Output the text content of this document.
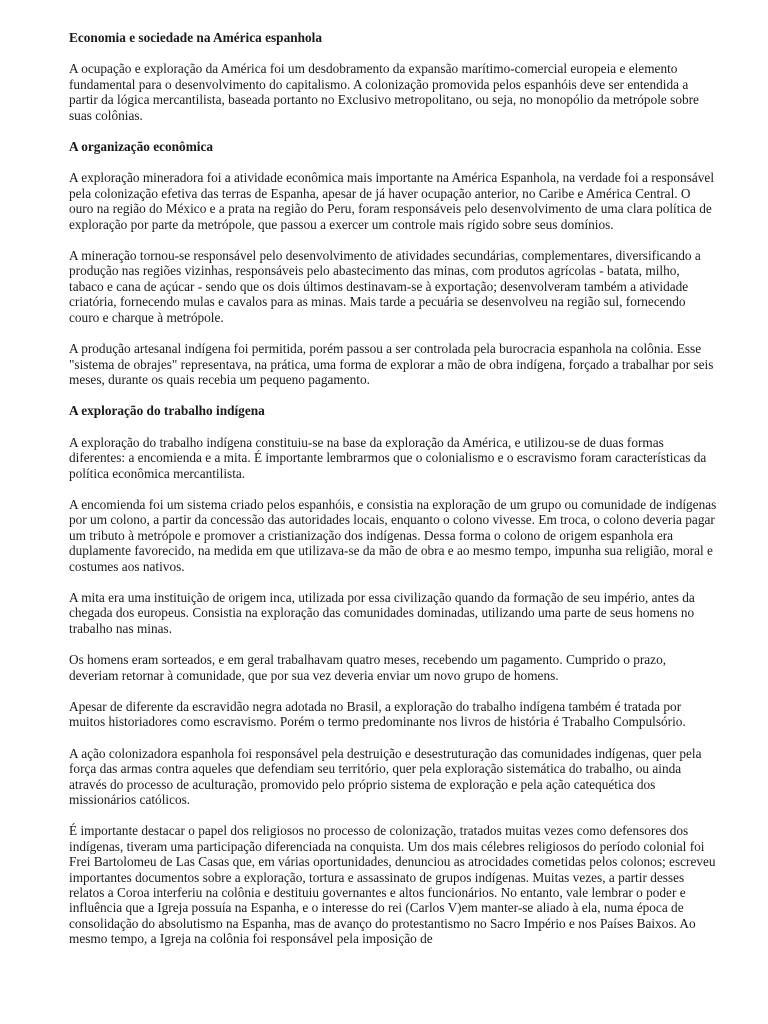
Economia e sociedade na América espanhola

A ocupação e exploração da América foi um desdobramento da expansão marítimo-comercial europeia e elemento fundamental para o desenvolvimento do capitalismo. A colonização promovida pelos espanhóis deve ser entendida a partir da lógica mercantilista, baseada portanto no Exclusivo metropolitano, ou seja, no monopólio da metrópole sobre suas colônias.

A organização econômica

A exploração mineradora foi a atividade econômica mais importante na América Espanhola, na verdade foi a responsável pela colonização efetiva das terras de Espanha, apesar de já haver ocupação anterior, no Caribe e América Central. O ouro na região do México e a prata na região do Peru, foram responsáveis pelo desenvolvimento de uma clara política de exploração por parte da metrópole, que passou a exercer um controle mais rígido sobre seus domínios.

A mineração tornou-se responsável pelo desenvolvimento de atividades secundárias, complementares, diversificando a produção nas regiões vizinhas, responsáveis pelo abastecimento das minas, com produtos agrícolas - batata, milho, tabaco e cana de açúcar - sendo que os dois últimos destinavam-se à exportação; desenvolveram também a atividade criatória, fornecendo mulas e cavalos para as minas. Mais tarde a pecuária se desenvolveu na região sul, fornecendo couro e charque à metrópole.

A produção artesanal indígena foi permitida, porém passou a ser controlada pela burocracia espanhola na colônia. Esse "sistema de obrajes" representava, na prática, uma forma de explorar a mão de obra indígena, forçado a trabalhar por seis meses, durante os quais recebia um pequeno pagamento.

A exploração do trabalho indígena

A exploração do trabalho indígena constituiu-se na base da exploração da América, e utilizou-se de duas formas diferentes: a encomienda e a mita. É importante lembrarmos que o colonialismo e o escravismo foram características da política econômica mercantilista.

A encomienda foi um sistema criado pelos espanhóis, e consistia na exploração de um grupo ou comunidade de indígenas por um colono, a partir da concessão das autoridades locais, enquanto o colono vivesse. Em troca, o colono deveria pagar um tributo à metrópole e promover a cristianização dos indígenas. Dessa forma o colono de origem espanhola era duplamente favorecido, na medida em que utilizava-se da mão de obra e ao mesmo tempo, impunha sua religião, moral e costumes aos nativos.

A mita era uma instituição de origem inca, utilizada por essa civilização quando da formação de seu império, antes da chegada dos europeus. Consistia na exploração das comunidades dominadas, utilizando uma parte de seus homens no trabalho nas minas.

Os homens eram sorteados, e em geral trabalhavam quatro meses, recebendo um pagamento. Cumprido o prazo, deveriam retornar à comunidade, que por sua vez deveria enviar um novo grupo de homens.

Apesar de diferente da escravidão negra adotada no Brasil, a exploração do trabalho indígena também é tratada por muitos historiadores como escravismo. Porém o termo predominante nos livros de história é Trabalho Compulsório.

A ação colonizadora espanhola foi responsável pela destruição e desestruturação das comunidades indígenas, quer pela força das armas contra aqueles que defendiam seu território, quer pela exploração sistemática do trabalho, ou ainda através do processo de aculturação, promovido pelo próprio sistema de exploração e pela ação catequética dos missionários católicos.

É importante destacar o papel dos religiosos no processo de colonização, tratados muitas vezes como defensores dos indígenas, tiveram uma participação diferenciada na conquista. Um dos mais célebres religiosos do período colonial foi Frei Bartolomeu de Las Casas que, em várias oportunidades, denunciou as atrocidades cometidas pelos colonos; escreveu importantes documentos sobre a exploração, tortura e assassinato de grupos indígenas. Muitas vezes, a partir desses relatos a Coroa interferiu na colônia e destituiu governantes e altos funcionários. No entanto, vale lembrar o poder e influência que a Igreja possuía na Espanha, e o interesse do rei (Carlos V)em manter-se aliado à ela, numa época de consolidação do absolutismo na Espanha, mas de avanço do protestantismo no Sacro Império e nos Países Baixos. Ao mesmo tempo, a Igreja na colônia foi responsável pela imposição de
